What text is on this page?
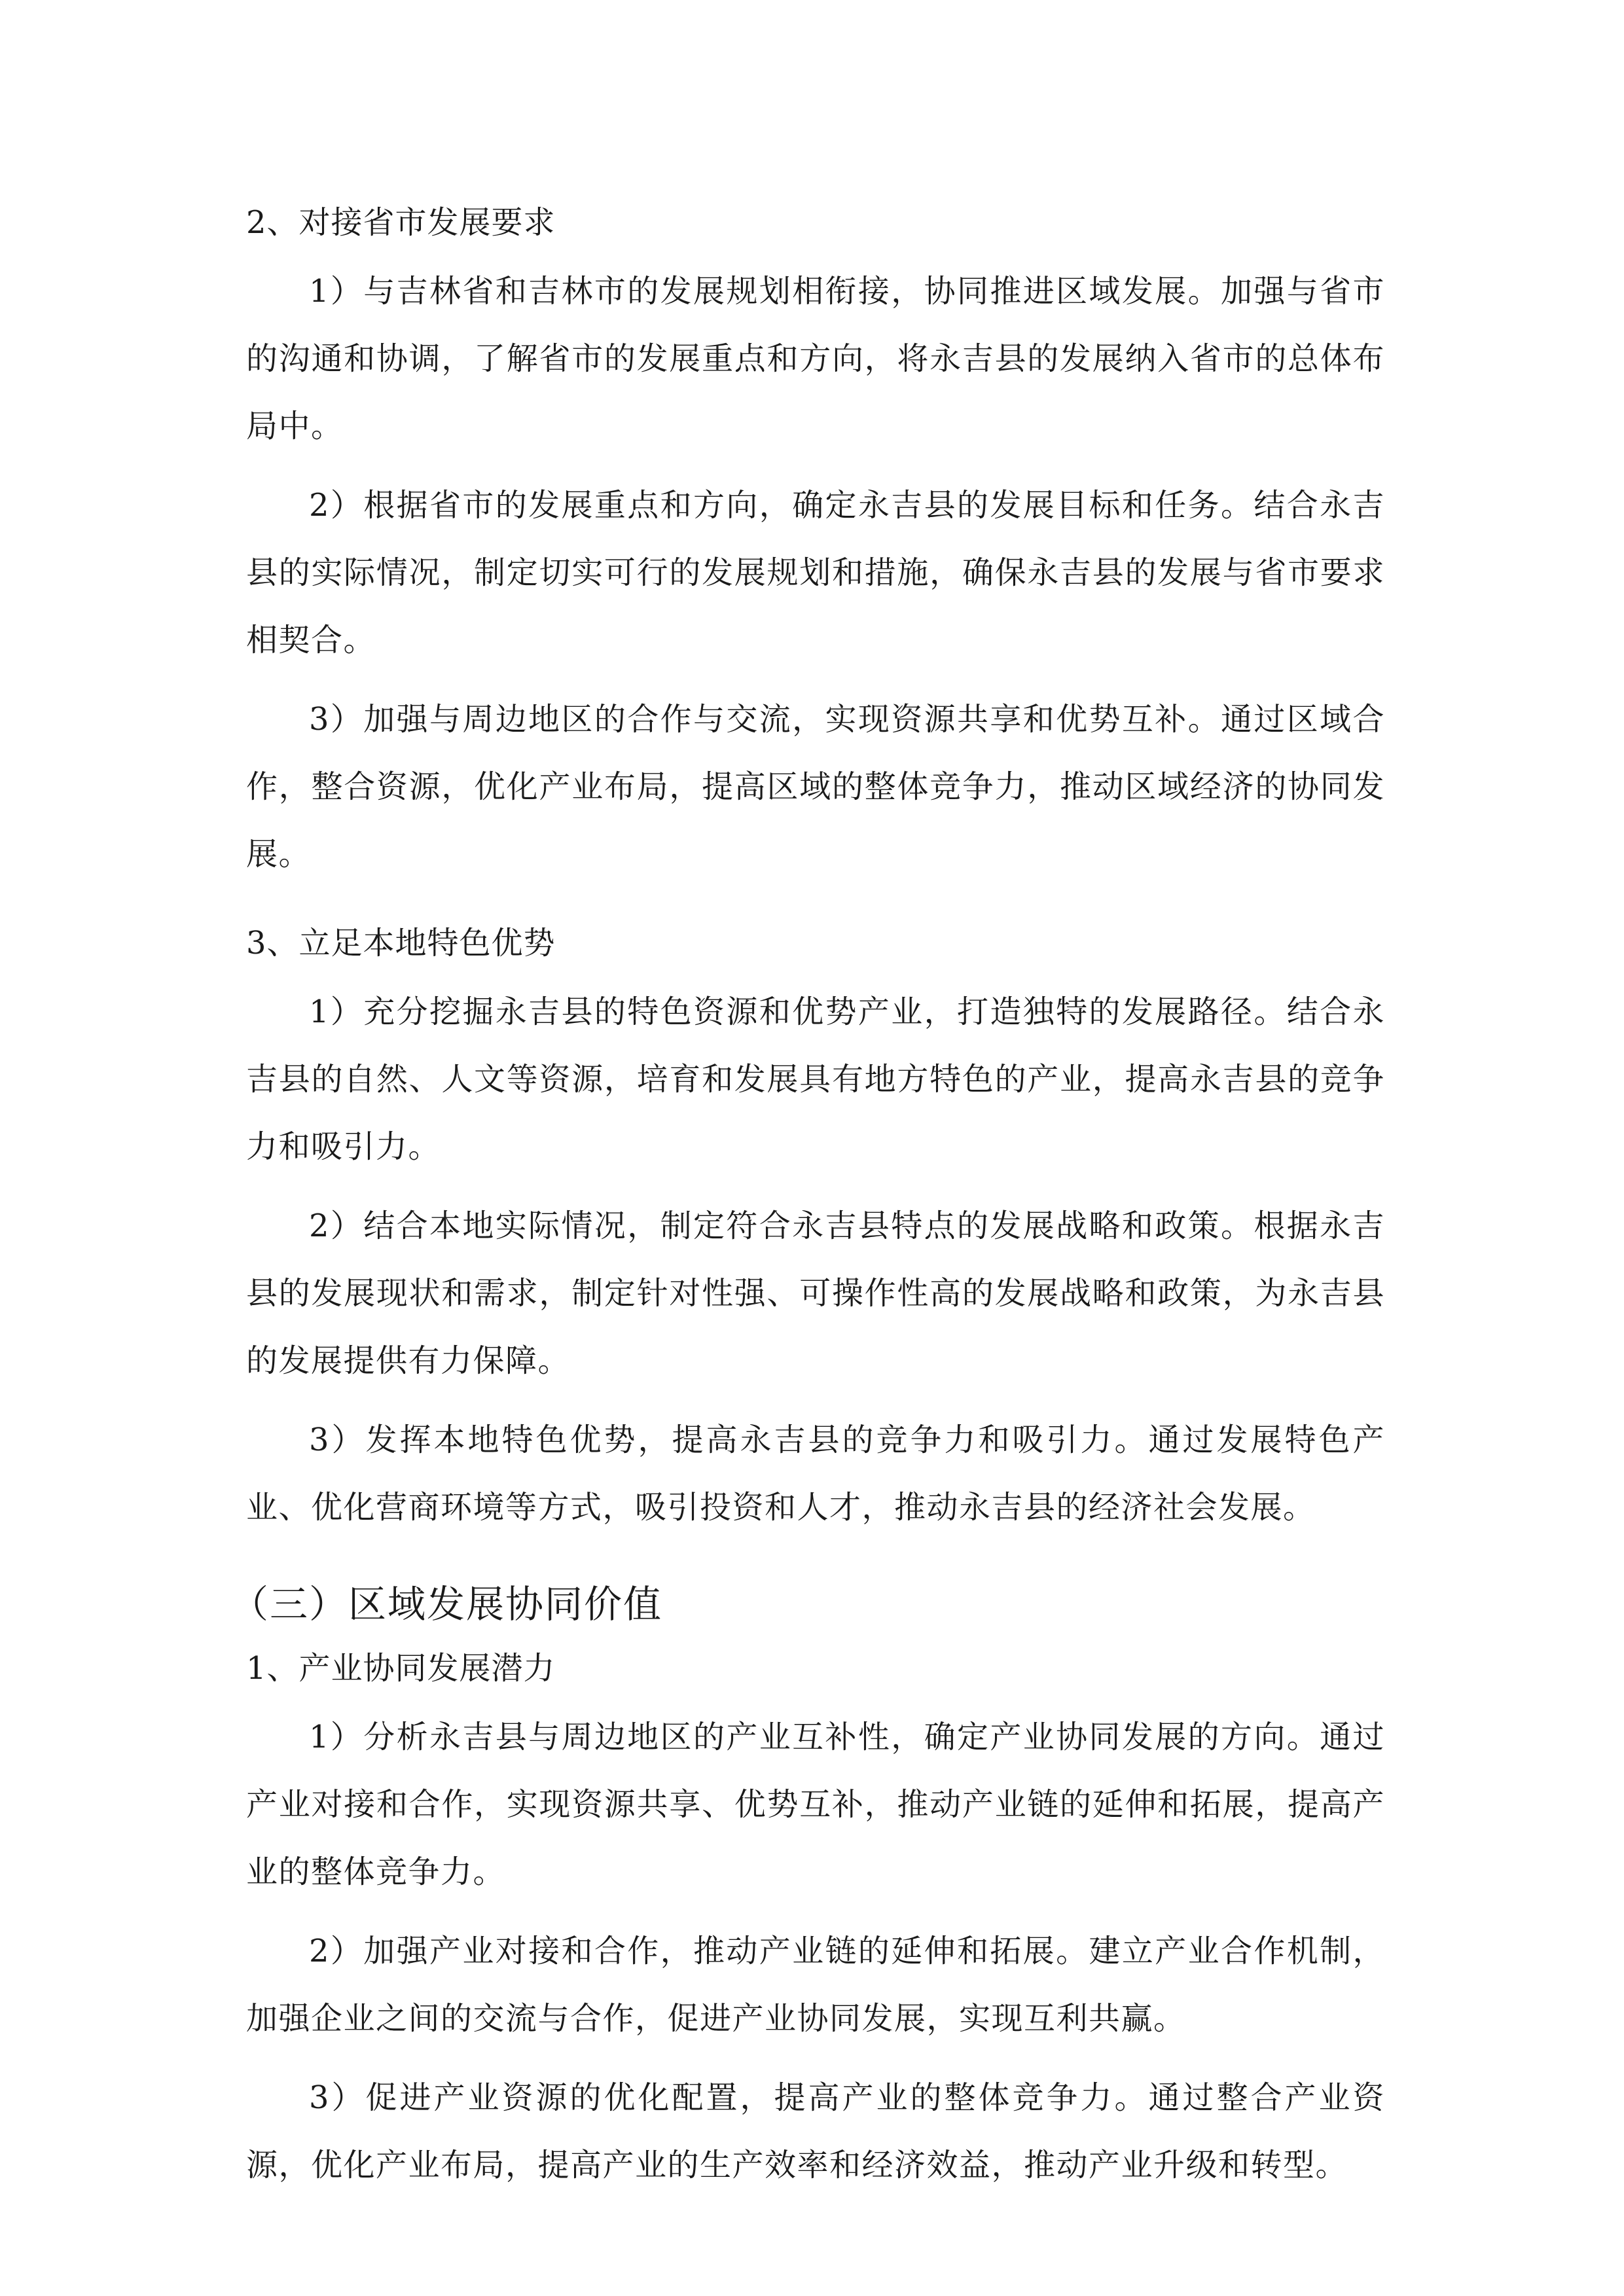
2、对接省市发展要求

1）与吉林省和吉林市的发展规划相衔接，协同推进区域发展。加强与省市的沟通和协调，了解省市的发展重点和方向，将永吉县的发展纳入省市的总体布局中。

2）根据省市的发展重点和方向，确定永吉县的发展目标和任务。结合永吉县的实际情况，制定切实可行的发展规划和措施，确保永吉县的发展与省市要求相契合。

3）加强与周边地区的合作与交流，实现资源共享和优势互补。通过区域合作，整合资源，优化产业布局，提高区域的整体竞争力，推动区域经济的协同发展。

3、立足本地特色优势

1）充分挖掘永吉县的特色资源和优势产业，打造独特的发展路径。结合永吉县的自然、人文等资源，培育和发展具有地方特色的产业，提高永吉县的竞争力和吸引力。

2）结合本地实际情况，制定符合永吉县特点的发展战略和政策。根据永吉县的发展现状和需求，制定针对性强、可操作性高的发展战略和政策，为永吉县的发展提供有力保障。

3）发挥本地特色优势，提高永吉县的竞争力和吸引力。通过发展特色产业、优化营商环境等方式，吸引投资和人才，推动永吉县的经济社会发展。

（三）区域发展协同价值

1、产业协同发展潜力

1）分析永吉县与周边地区的产业互补性，确定产业协同发展的方向。通过产业对接和合作，实现资源共享、优势互补，推动产业链的延伸和拓展，提高产业的整体竞争力。

2）加强产业对接和合作，推动产业链的延伸和拓展。建立产业合作机制，加强企业之间的交流与合作，促进产业协同发展，实现互利共赢。

3）促进产业资源的优化配置，提高产业的整体竞争力。通过整合产业资源，优化产业布局，提高产业的生产效率和经济效益，推动产业升级和转型。
